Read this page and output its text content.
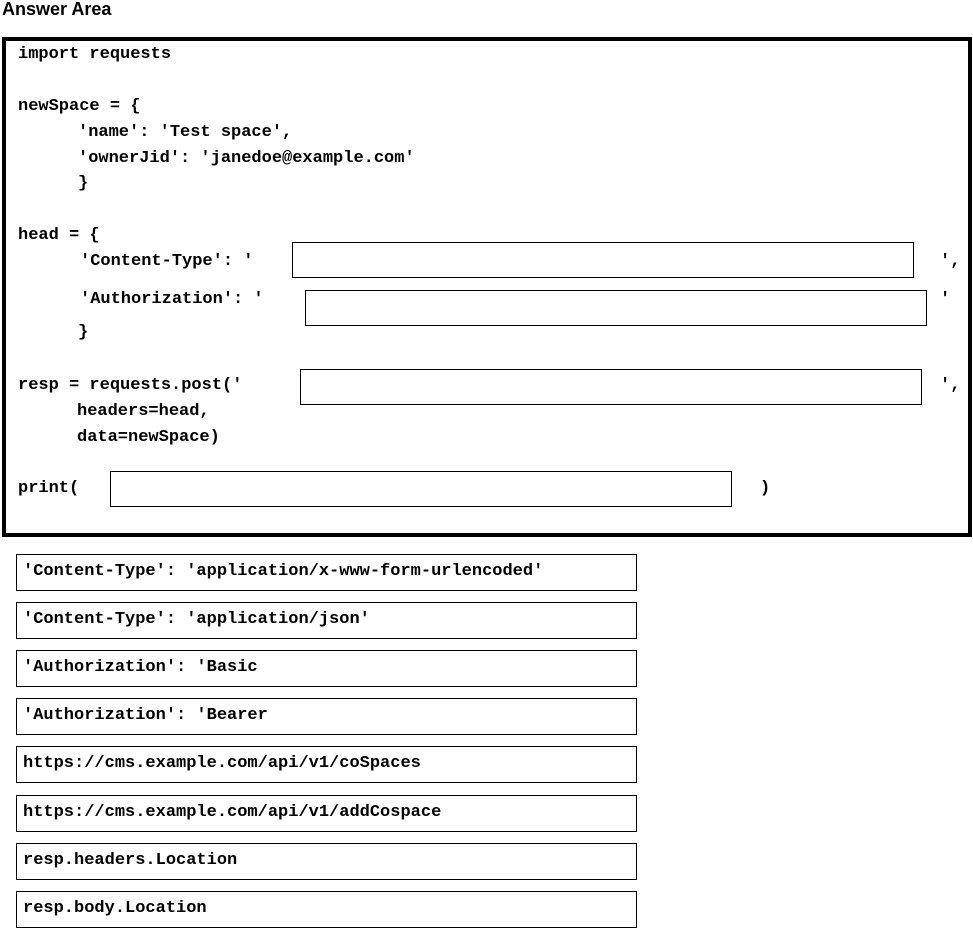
Answer Area
import requests
newSpace = {
'name': 'Test space',
'ownerJid': 'janedoe@example.com'
}
head = {
'Content-Type': '	',
'Authorization': '	'
}
resp = requests.post('	',
headers=head,
data=newSpace)
print(	)
'Content-Type': 'application/x-www-form-urlencoded'
'Content-Type': 'application/json'
'Authorization': 'Basic
'Authorization': 'Bearer
https://cms.example.com/api/v1/coSpaces
https://cms.example.com/api/v1/addCospace
resp.headers.Location
resp.body.Location
